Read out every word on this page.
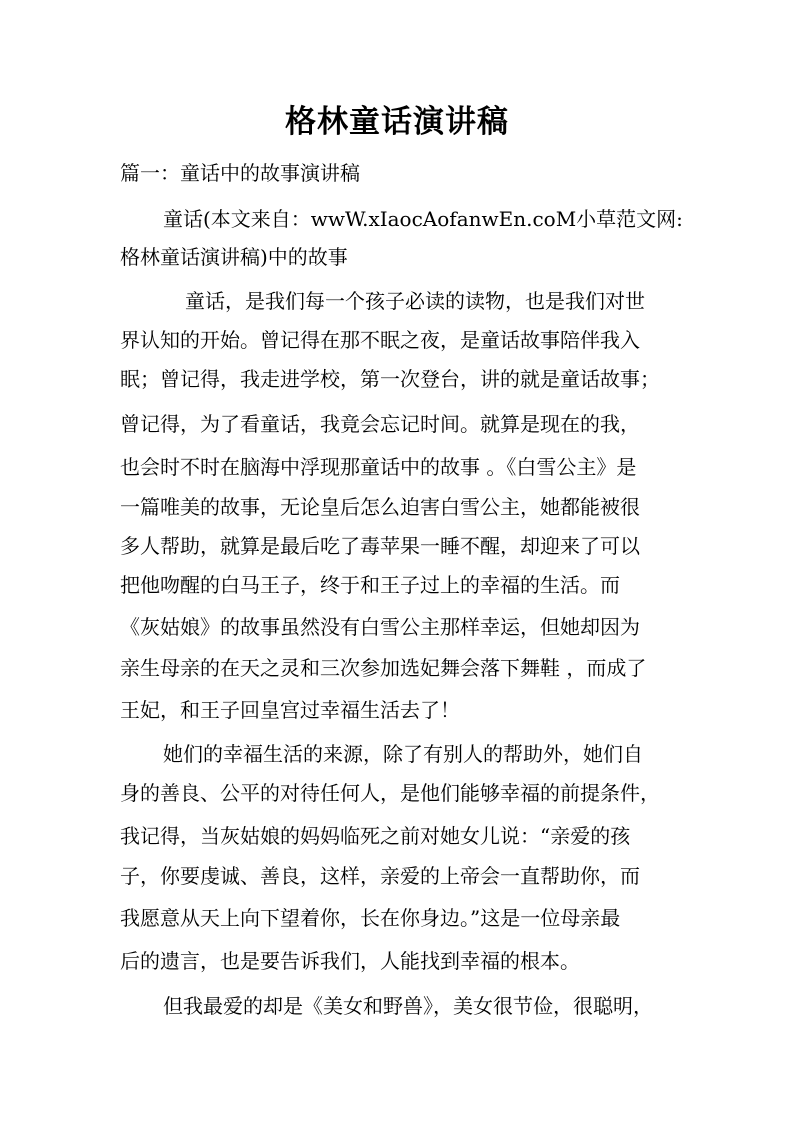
格林童话演讲稿
篇一：童话中的故事演讲稿
童话(本文来自：wwW.xIaocAofanwEn.coM小草范文网:
格林童话演讲稿)中的故事
童话，是我们每一个孩子必读的读物，也是我们对世
界认知的开始。曾记得在那不眠之夜，是童话故事陪伴我入
眠；曾记得，我走进学校，第一次登台，讲的就是童话故事；
曾记得，为了看童话，我竟会忘记时间。就算是现在的我，
也会时不时在脑海中浮现那童话中的故事 。《白雪公主》是
一篇唯美的故事，无论皇后怎么迫害白雪公主，她都能被很
多人帮助，就算是最后吃了毒苹果一睡不醒，却迎来了可以
把他吻醒的白马王子，终于和王子过上的幸福的生活。而
《灰姑娘》的故事虽然没有白雪公主那样幸运，但她却因为
亲生母亲的在天之灵和三次参加选妃舞会落下舞鞋 ，而成了
王妃，和王子回皇宫过幸福生活去了！
她们的幸福生活的来源，除了有别人的帮助外，她们自
身的善良、公平的对待任何人，是他们能够幸福的前提条件，
我记得，当灰姑娘的妈妈临死之前对她女儿说：“亲爱的孩
子，你要虔诚、善良，这样，亲爱的上帝会一直帮助你，而
我愿意从天上向下望着你，长在你身边。”这是一位母亲最
后的遗言，也是要告诉我们，人能找到幸福的根本。
但我最爱的却是《美女和野兽》，美女很节俭，很聪明，
